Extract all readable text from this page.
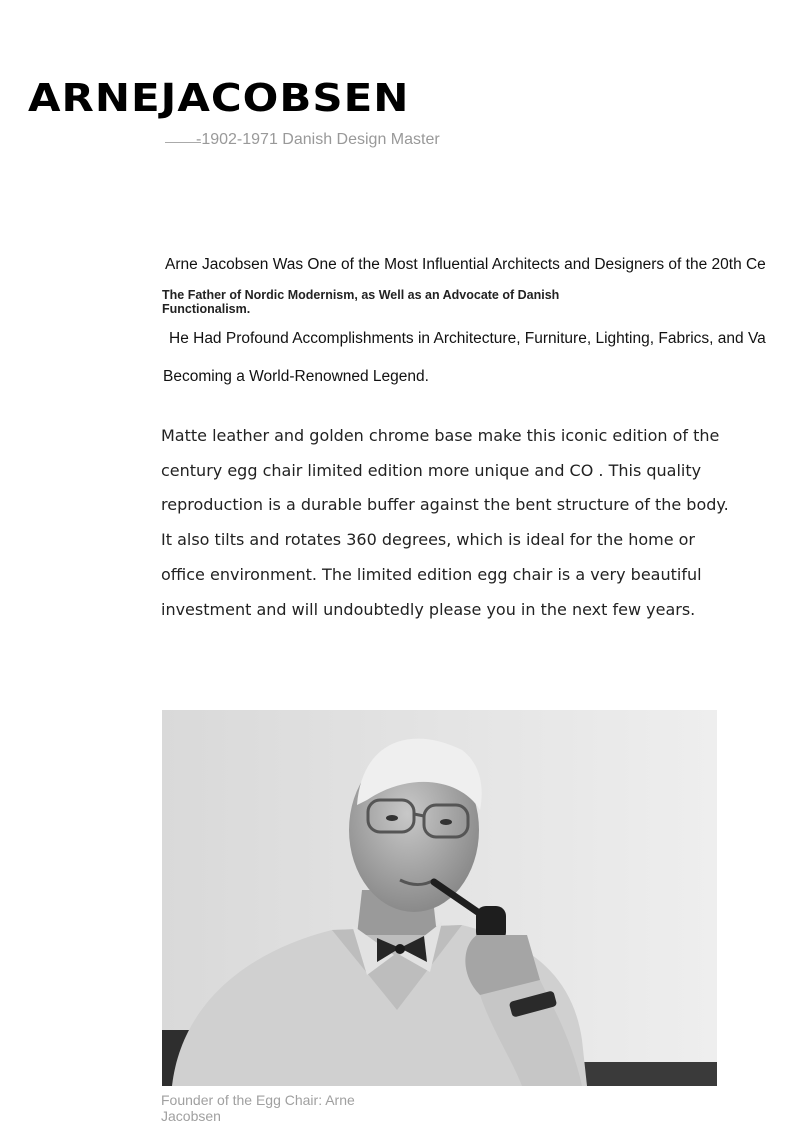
ARNEJACOBSEN
-1902-1971 Danish Design Master
Arne Jacobsen Was One of the Most Influential Architects and Designers of the 20th Ce
The Father of Nordic Modernism, as Well as an Advocate of Danish Functionalism.
He Had Profound Accomplishments in Architecture, Furniture, Lighting, Fabrics, and Va
Becoming a World-Renowned Legend.
Matte leather and golden chrome base make this iconic edition of the century egg chair limited edition more unique and CO . This quality reproduction is a durable buffer against the bent structure of the body. It also tilts and rotates 360 degrees, which is ideal for the home or office environment. The limited edition egg chair is a very beautiful investment and will undoubtedly please you in the next few years.
Founder of the Egg Chair: Arne Jacobsen
